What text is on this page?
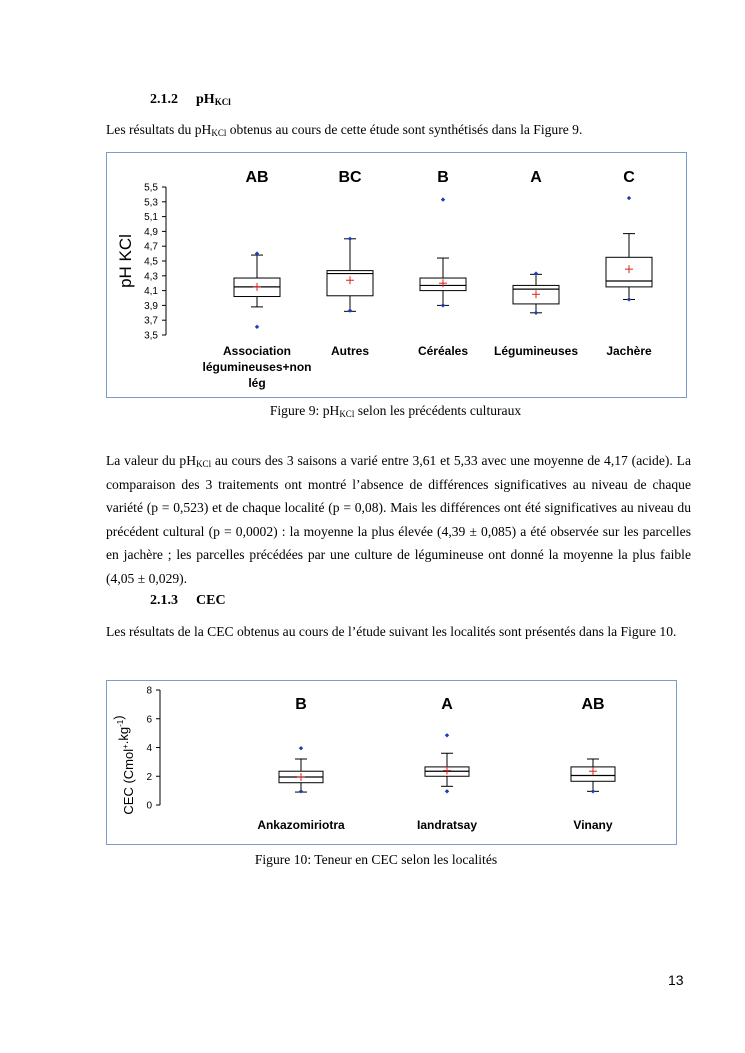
2.1.2 $pH_{KCl}$
Les résultats du $pH_{KCl}$ obtenus au cours de cette étude sont synthétisés dans la Figure 9.
3,5
3,7
3,9
4,1
4,3
4,5
4,7
4,9
5,1
5,3
5,5
AB
Association
légumineuses+non
lég
BC
Autres
B
Céréales
A
Légumineuses
C
Jachère
pH KCl
Figure 9: $pH_{KCl}$ selon les précédents culturaux
La valeur du $pH_{KCl}$ au cours des 3 saisons a varié entre 3,61 et 5,33 avec une moyenne de 4,17 (acide). La comparaison des 3 traitements ont montré l’absence de différences significatives au niveau de chaque variété (p = 0,523) et de chaque localité (p = 0,08). Mais les différences ont été significatives au niveau du précédent cultural (p = 0,0002) : la moyenne la plus élevée (4,39 ± 0,085) a été observée sur les parcelles en jachère ; les parcelles précédées par une culture de légumineuse ont donné la moyenne la plus faible (4,05 ± 0,029).
2.1.3 CEC
Les résultats de la CEC obtenus au cours de l’étude suivant les localités sont présentés dans la Figure 10.
0
2
4
6
8
B
Ankazomiriotra
A
Iandratsay
AB
Vinany
CEC $(Cmol^+.kg^{-1})$
Figure 10: Teneur en CEC selon les localités
13
